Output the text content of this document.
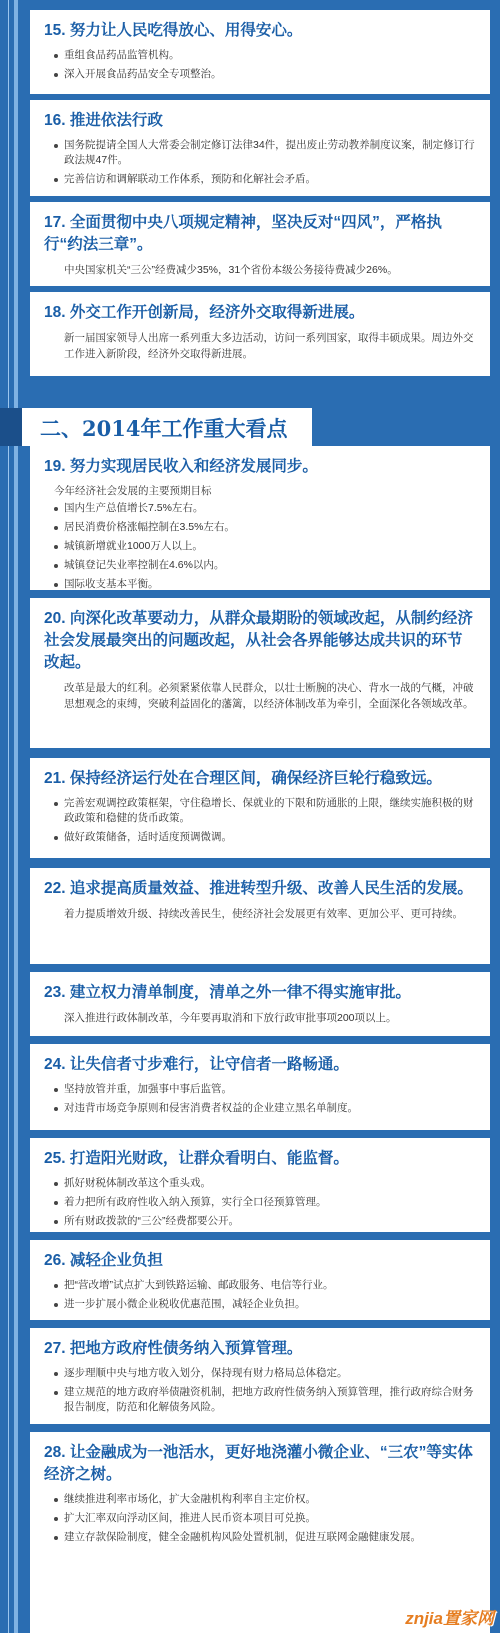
15. 努力让人民吃得放心、用得安心。
重组食品药品监管机构。
深入开展食品药品安全专项整治。
16. 推进依法行政
国务院提请全国人大常委会制定修订法律34件，提出废止劳动教养制度议案，制定修订行政法规47件。
完善信访和调解联动工作体系，预防和化解社会矛盾。
17. 全面贯彻中央八项规定精神，坚决反对“四风”，严格执行“约法三章”。

中央国家机关“三公”经费减少35%，31个省份本级公务接待费减少26%。

18. 外交工作开创新局，经济外交取得新进展。

新一届国家领导人出席一系列重大多边活动，访问一系列国家，取得丰硕成果。周边外交工作进入新阶段，经济外交取得新进展。

二、2014年工作重大看点
19. 努力实现居民收入和经济发展同步。

今年经济社会发展的主要预期目标

国内生产总值增长7.5%左右。
居民消费价格涨幅控制在3.5%左右。
城镇新增就业1000万人以上。
城镇登记失业率控制在4.6%以内。
国际收支基本平衡。
20. 向深化改革要动力，从群众最期盼的领域改起，从制约经济社会发展最突出的问题改起，从社会各界能够达成共识的环节改起。

改革是最大的红利。必须紧紧依靠人民群众，以壮士断腕的决心、背水一战的气概，冲破思想观念的束缚，突破利益固化的藩篱，以经济体制改革为牵引，全面深化各领域改革。

21. 保持经济运行处在合理区间，确保经济巨轮行稳致远。
完善宏观调控政策框架，守住稳增长、保就业的下限和防通胀的上限，继续实施积极的财政政策和稳健的货币政策。
做好政策储备，适时适度预调微调。
22. 追求提高质量效益、推进转型升级、改善人民生活的发展。

着力提质增效升级、持续改善民生，使经济社会发展更有效率、更加公平、更可持续。

23. 建立权力清单制度，清单之外一律不得实施审批。

深入推进行政体制改革，今年要再取消和下放行政审批事项200项以上。

24. 让失信者寸步难行，让守信者一路畅通。
坚持放管并重，加强事中事后监管。
对违背市场竞争原则和侵害消费者权益的企业建立黑名单制度。
25. 打造阳光财政，让群众看明白、能监督。
抓好财税体制改革这个重头戏。
着力把所有政府性收入纳入预算，实行全口径预算管理。
所有财政拨款的“三公”经费都要公开。
26. 减轻企业负担
把“营改增”试点扩大到铁路运输、邮政服务、电信等行业。
进一步扩展小微企业税收优惠范围，减轻企业负担。
27. 把地方政府性债务纳入预算管理。
逐步理顺中央与地方收入划分，保持现有财力格局总体稳定。
建立规范的地方政府举债融资机制，把地方政府性债务纳入预算管理，推行政府综合财务报告制度，防范和化解债务风险。
28. 让金融成为一池活水，更好地浇灌小微企业、“三农”等实体经济之树。
继续推进利率市场化，扩大金融机构利率自主定价权。
扩大汇率双向浮动区间，推进人民币资本项目可兑换。
建立存款保险制度，健全金融机构风险处置机制，促进互联网金融健康发展。
znjia置家网
